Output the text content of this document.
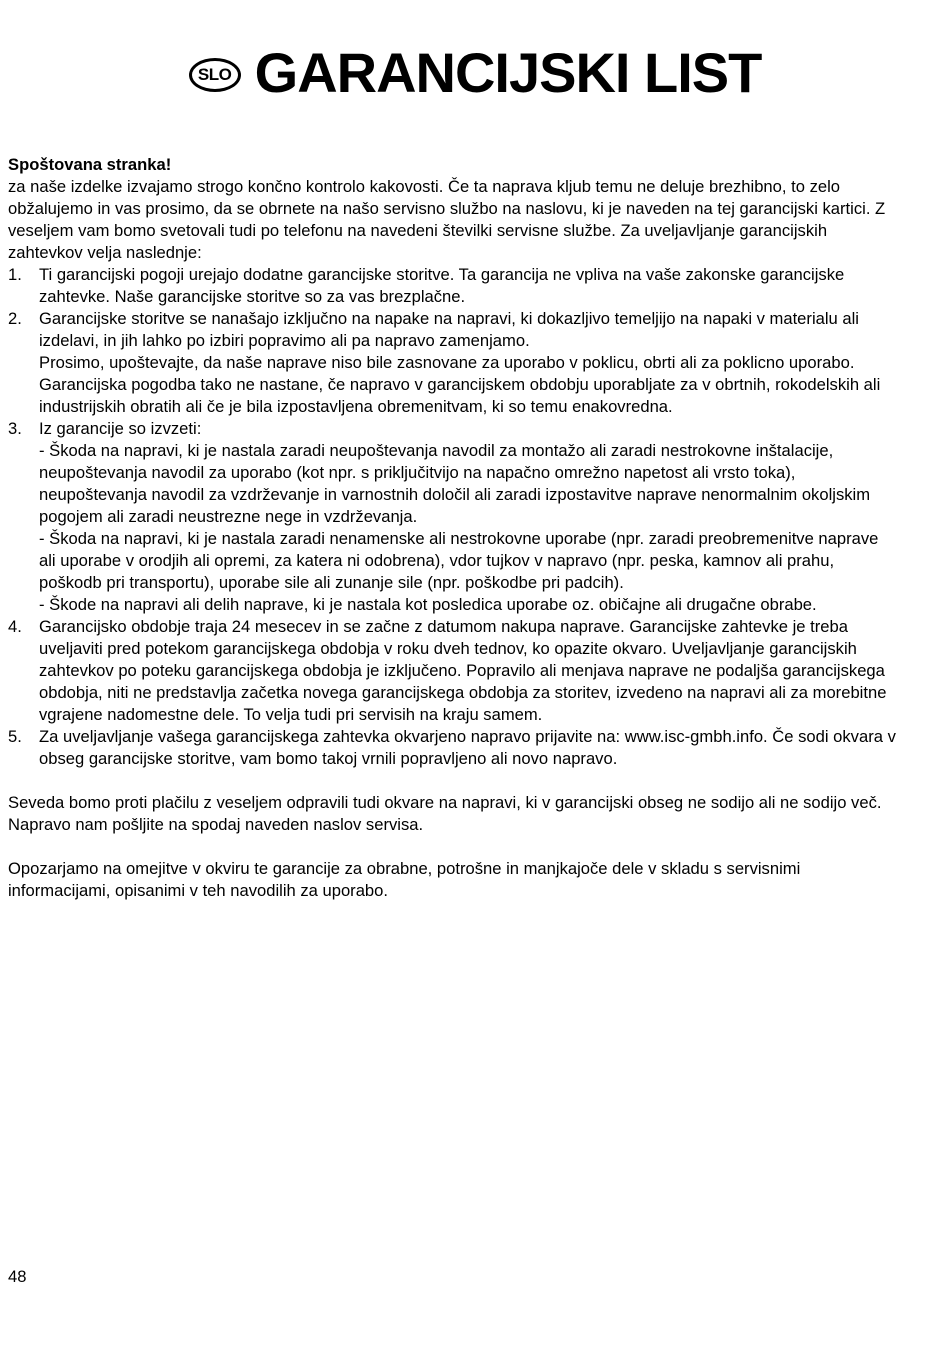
SLO GARANCIJSKI LIST

Spoštovana stranka!

za naše izdelke izvajamo strogo končno kontrolo kakovosti. Če ta naprava kljub temu ne deluje brezhibno, to zelo obžalujemo in vas prosimo, da se obrnete na našo servisno službo na naslovu, ki je naveden na tej garancijski kartici. Z veseljem vam bomo svetovali tudi po telefonu na navedeni številki servisne službe. Za uveljavljanje garancijskih zahtevkov velja naslednje:

1. Ti garancijski pogoji urejajo dodatne garancijske storitve. Ta garancija ne vpliva na vaše zakonske garancijske zahtevke. Naše garancijske storitve so za vas brezplačne.

2. Garancijske storitve se nanašajo izključno na napake na napravi, ki dokazljivo temeljijo na napaki v materialu ali izdelavi, in jih lahko po izbiri popravimo ali pa napravo zamenjamo.

Prosimo, upoštevajte, da naše naprave niso bile zasnovane za uporabo v poklicu, obrti ali za poklicno uporabo. Garancijska pogodba tako ne nastane, če napravo v garancijskem obdobju uporabljate za v obrtnih, rokodelskih ali industrijskih obratih ali če je bila izpostavljena obremenitvam, ki so temu enakovredna.

3. Iz garancije so izvzeti:

- Škoda na napravi, ki je nastala zaradi neupoštevanja navodil za montažo ali zaradi nestrokovne inštalacije, neupoštevanja navodil za uporabo (kot npr. s priključitvijo na napačno omrežno napetost ali vrsto toka), neupoštevanja navodil za vzdrževanje in varnostnih določil ali zaradi izpostavitve naprave nenormalnim okoljskim pogojem ali zaradi neustrezne nege in vzdrževanja.

- Škoda na napravi, ki je nastala zaradi nenamenske ali nestrokovne uporabe (npr. zaradi preobremenitve naprave ali uporabe v orodjih ali opremi, za katera ni odobrena), vdor tujkov v napravo (npr. peska, kamnov ali prahu, poškodb pri transportu), uporabe sile ali zunanje sile (npr. poškodbe pri padcih).

- Škode na napravi ali delih naprave, ki je nastala kot posledica uporabe oz. običajne ali drugačne obrabe.

4. Garancijsko obdobje traja 24 mesecev in se začne z datumom nakupa naprave. Garancijske zahtevke je treba uveljaviti pred potekom garancijskega obdobja v roku dveh tednov, ko opazite okvaro. Uveljavljanje garancijskih zahtevkov po poteku garancijskega obdobja je izključeno. Popravilo ali menjava naprave ne podaljša garancijskega obdobja, niti ne predstavlja začetka novega garancijskega obdobja za storitev, izvedeno na napravi ali za morebitne vgrajene nadomestne dele. To velja tudi pri servisih na kraju samem.

5. Za uveljavljanje vašega garancijskega zahtevka okvarjeno napravo prijavite na: www.isc-gmbh.info. Če sodi okvara v obseg garancijske storitve, vam bomo takoj vrnili popravljeno ali novo napravo.

Seveda bomo proti plačilu z veseljem odpravili tudi okvare na napravi, ki v garancijski obseg ne sodijo ali ne sodijo več. Napravo nam pošljite na spodaj naveden naslov servisa.

Opozarjamo na omejitve v okviru te garancije za obrabne, potrošne in manjkajoče dele v skladu s servisnimi informacijami, opisanimi v teh navodilih za uporabo.

48
